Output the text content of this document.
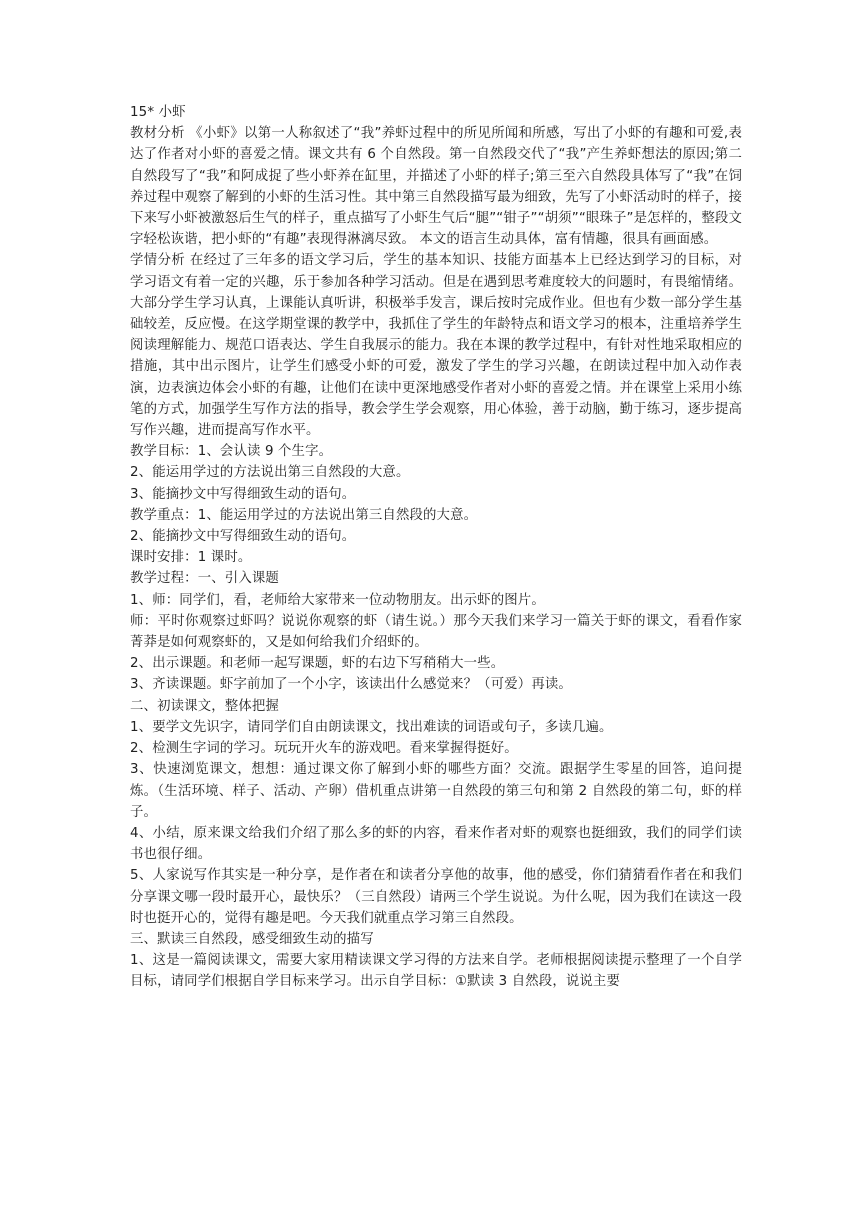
15* 小虾

教材分析 《小虾》以第一人称叙述了“我”养虾过程中的所见所闻和所感，写出了小虾的有趣和可爱,表达了作者对小虾的喜爱之情。课文共有 6 个自然段。第一自然段交代了“我”产生养虾想法的原因;第二自然段写了“我”和阿成捉了些小虾养在缸里，并描述了小虾的样子;第三至六自然段具体写了“我”在饲养过程中观察了解到的小虾的生活习性。其中第三自然段描写最为细致，先写了小虾活动时的样子，接下来写小虾被激怒后生气的样子，重点描写了小虾生气后“腿”“钳子”“胡须”“眼珠子”是怎样的，整段文字轻松诙谐，把小虾的“有趣”表现得淋漓尽致。 本文的语言生动具体，富有情趣，很具有画面感。

学情分析 在经过了三年多的语文学习后，学生的基本知识、技能方面基本上已经达到学习的目标，对学习语文有着一定的兴趣，乐于参加各种学习活动。但是在遇到思考难度较大的问题时，有畏缩情绪。大部分学生学习认真，上课能认真听讲，积极举手发言，课后按时完成作业。但也有少数一部分学生基础较差，反应慢。在这学期堂课的教学中，我抓住了学生的年龄特点和语文学习的根本，注重培养学生阅读理解能力、规范口语表达、学生自我展示的能力。我在本课的教学过程中，有针对性地采取相应的措施，其中出示图片，让学生们感受小虾的可爱，激发了学生的学习兴趣，在朗读过程中加入动作表演，边表演边体会小虾的有趣，让他们在读中更深地感受作者对小虾的喜爱之情。并在课堂上采用小练笔的方式，加强学生写作方法的指导，教会学生学会观察，用心体验，善于动脑，勤于练习，逐步提高写作兴趣，进而提高写作水平。

教学目标：1、会认读 9 个生字。

2、能运用学过的方法说出第三自然段的大意。

3、能摘抄文中写得细致生动的语句。

教学重点：1、能运用学过的方法说出第三自然段的大意。

2、能摘抄文中写得细致生动的语句。

课时安排：1 课时。

教学过程：一、引入课题

1、师：同学们，看，老师给大家带来一位动物朋友。出示虾的图片。

师：平时你观察过虾吗？说说你观察的虾（请生说。）那今天我们来学习一篇关于虾的课文，看看作家菁莽是如何观察虾的，又是如何给我们介绍虾的。

2、出示课题。和老师一起写课题，虾的右边下写稍稍大一些。

3、齐读课题。虾字前加了一个小字，该读出什么感觉来？（可爱）再读。

二、初读课文，整体把握

1、要学文先识字，请同学们自由朗读课文，找出难读的词语或句子，多读几遍。

2、检测生字词的学习。玩玩开火车的游戏吧。看来掌握得挺好。

3、快速浏览课文，想想：通过课文你了解到小虾的哪些方面？交流。跟据学生零星的回答，追问提炼。（生活环境、样子、活动、产卵）借机重点讲第一自然段的第三句和第 2 自然段的第二句，虾的样子。

4、小结，原来课文给我们介绍了那么多的虾的内容，看来作者对虾的观察也挺细致，我们的同学们读书也很仔细。

5、人家说写作其实是一种分享，是作者在和读者分享他的故事，他的感受，你们猜猜看作者在和我们分享课文哪一段时最开心，最快乐？（三自然段）请两三个学生说说。为什么呢，因为我们在读这一段时也挺开心的，觉得有趣是吧。今天我们就重点学习第三自然段。

三、默读三自然段，感受细致生动的描写

1、这是一篇阅读课文，需要大家用精读课文学习得的方法来自学。老师根据阅读提示整理了一个自学目标，请同学们根据自学目标来学习。出示自学目标：①默读 3 自然段，说说主要
